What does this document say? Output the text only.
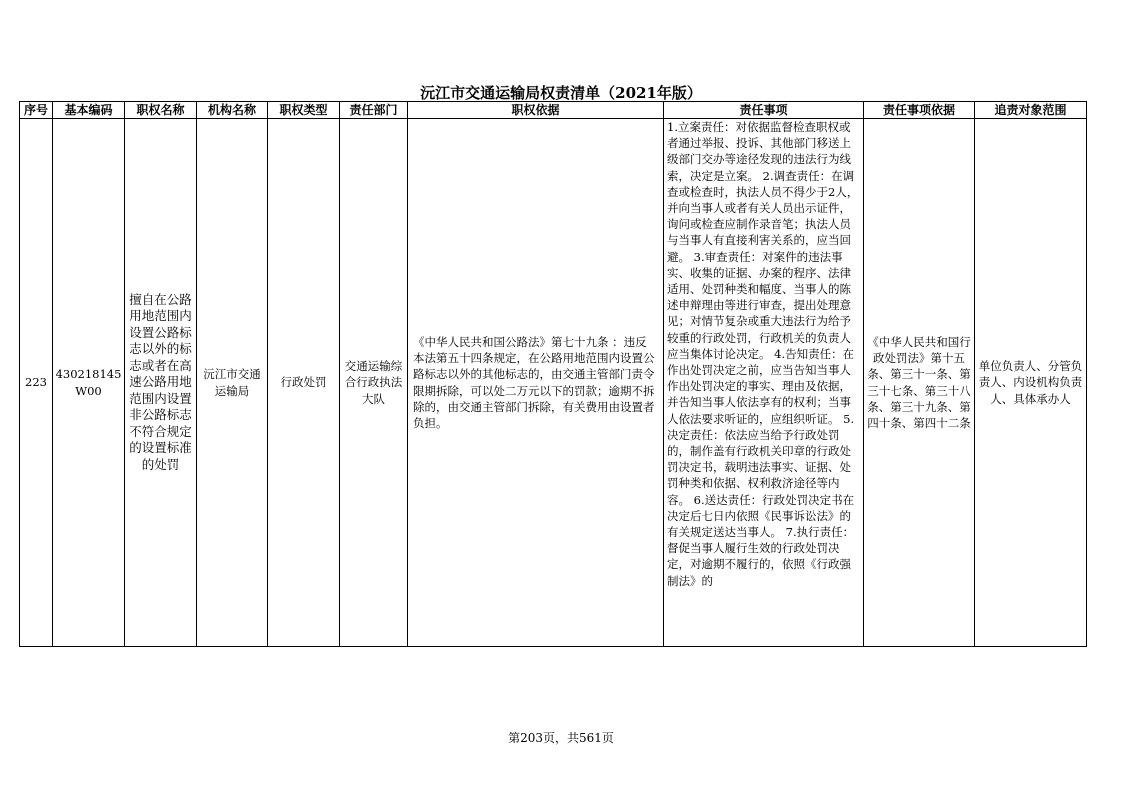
沅江市交通运输局权责清单（2021年版）
序号	基本编码	职权名称	机构名称	职权类型	责任部门	职权依据	责任事项	责任事项依据	追责对象范围
223	430218145W00	擅自在公路用地范围内设置公路标志以外的标志或者在高速公路用地范围内设置非公路标志不符合规定的设置标准的处罚	沅江市交通运输局	行政处罚	交通运输综合行政执法大队	《中华人民共和国公路法》第七十九条 ：违反本法第五十四条规定，在公路用地范围内设置公路标志以外的其他标志的，由交通主管部门责令限期拆除，可以处二万元以下的罚款；逾期不拆除的，由交通主管部门拆除，有关费用由设置者负担。	1.立案责任：对依据监督检查职权或者通过举报、投诉、其他部门移送上级部门交办等途径发现的违法行为线索，决定是立案。 2.调查责任：在调查或检查时，执法人员不得少于2人，并向当事人或者有关人员出示证件，询问或检查应制作录音笔；执法人员与当事人有直接利害关系的，应当回避。 3.审查责任：对案件的违法事实、收集的证据、办案的程序、法律适用、处罚种类和幅度、当事人的陈述申辩理由等进行审查，提出处理意见；对情节复杂或重大违法行为给予较重的行政处罚，行政机关的负责人应当集体讨论决定。 4.告知责任：在作出处罚决定之前，应当告知当事人作出处罚决定的事实、理由及依据，并告知当事人依法享有的权利；当事人依法要求听证的，应组织听证。 5.决定责任：依法应当给予行政处罚的，制作盖有行政机关印章的行政处罚决定书，载明违法事实、证据、处罚种类和依据、权利救济途径等内容。 6.送达责任：行政处罚决定书在决定后七日内依照《民事诉讼法》的有关规定送达当事人。 7.执行责任：督促当事人履行生效的行政处罚决定，对逾期不履行的，依照《行政强制法》的	《中华人民共和国行政处罚法》第十五条、第三十一条、第三十七条、第三十八条、第三十九条、第四十条、第四十二条	单位负责人、分管负责人、内设机构负责人、具体承办人
第203页，共561页
